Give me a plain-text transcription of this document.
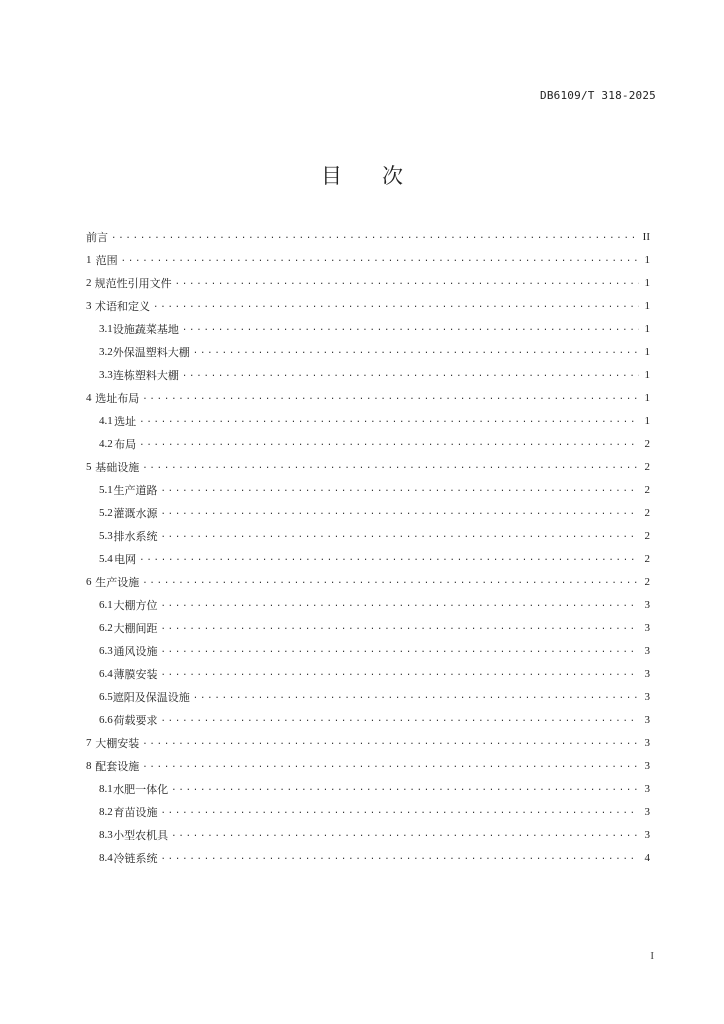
DB6109/T 318-2025
目 次
前言 .....	II
1 范围 .....	1
2 规范性引用文件 .....	1
3 术语和定义 .....	1
3.1 设施蔬菜基地 .....	1
3.2 外保温塑料大棚 .....	1
3.3 连栋塑料大棚 .....	1
4 选址布局 .....	1
4.1 选址 .....	1
4.2 布局 .....	2
5 基础设施 .....	2
5.1 生产道路 .....	2
5.2 灌溉水源 .....	2
5.3 排水系统 .....	2
5.4 电网 .....	2
6 生产设施 .....	2
6.1 大棚方位 .....	3
6.2 大棚间距 .....	3
6.3 通风设施 .....	3
6.4 薄膜安装 .....	3
6.5 遮阳及保温设施 .....	3
6.6 荷载要求 .....	3
7 大棚安装 .....	3
8 配套设施 .....	3
8.1 水肥一体化 .....	3
8.2 育苗设施 .....	3
8.3 小型农机具 .....	3
8.4 冷链系统 .....	4
I
